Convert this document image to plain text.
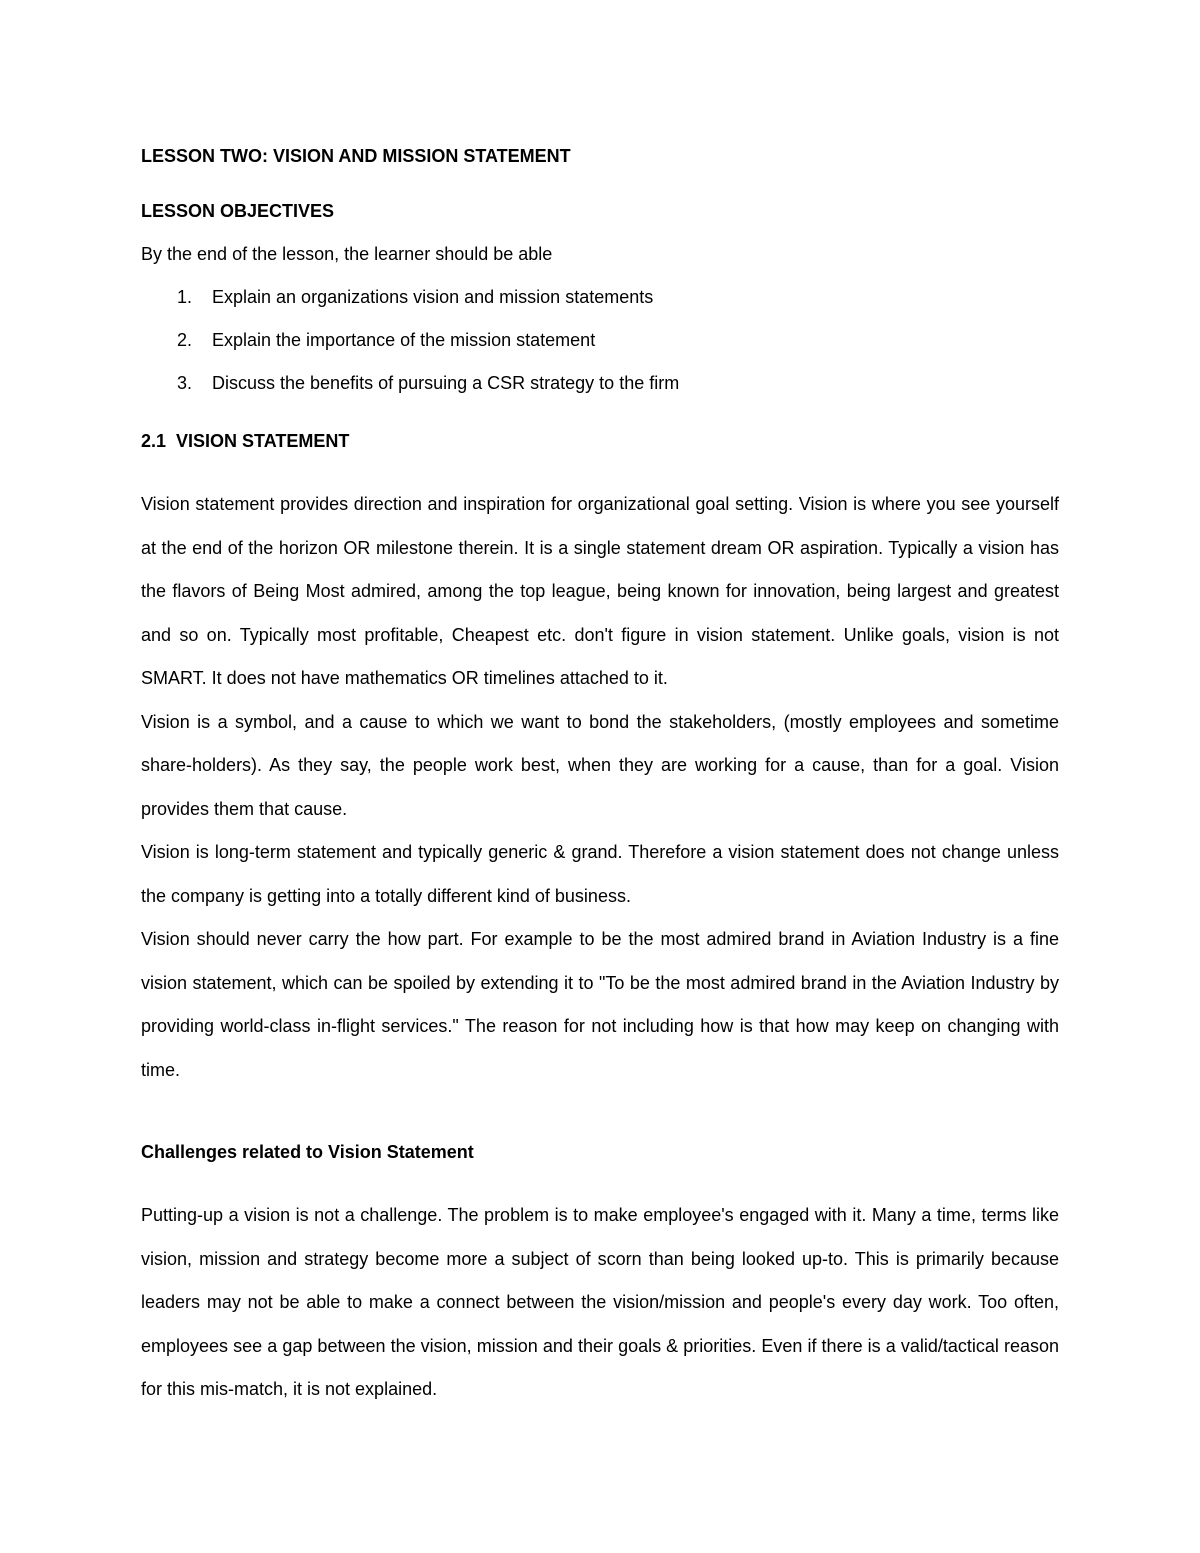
LESSON TWO: VISION AND MISSION STATEMENT

LESSON OBJECTIVES

By the end of the lesson, the learner should be able

1.	Explain an organizations vision and mission statements
2.	Explain the importance of the mission statement
3.	Discuss the benefits of pursuing a CSR strategy to the firm

2.1  VISION STATEMENT

Vision statement provides direction and inspiration for organizational goal setting. Vision is where you see yourself at the end of the horizon OR milestone therein. It is a single statement dream OR aspiration. Typically a vision has the flavors of Being Most admired, among the top league, being known for innovation, being largest and greatest and so on. Typically most profitable, Cheapest etc. don't figure in vision statement. Unlike goals, vision is not SMART. It does not have mathematics OR timelines attached to it.

Vision is a symbol, and a cause to which we want to bond the stakeholders, (mostly employees and sometime share-holders). As they say, the people work best, when they are working for a cause, than for a goal. Vision provides them that cause.

Vision is long-term statement and typically generic & grand. Therefore a vision statement does not change unless the company is getting into a totally different kind of business.

Vision should never carry the how part. For example to be the most admired brand in Aviation Industry is a fine vision statement, which can be spoiled by extending it to "To be the most admired brand in the Aviation Industry by providing world-class in-flight services." The reason for not including how is that how may keep on changing with time.

Challenges related to Vision Statement

Putting-up a vision is not a challenge. The problem is to make employee's engaged with it. Many a time, terms like vision, mission and strategy become more a subject of scorn than being looked up-to. This is primarily because leaders may not be able to make a connect between the vision/mission and people's every day work. Too often, employees see a gap between the vision, mission and their goals & priorities. Even if there is a valid/tactical reason for this mis-match, it is not explained.
